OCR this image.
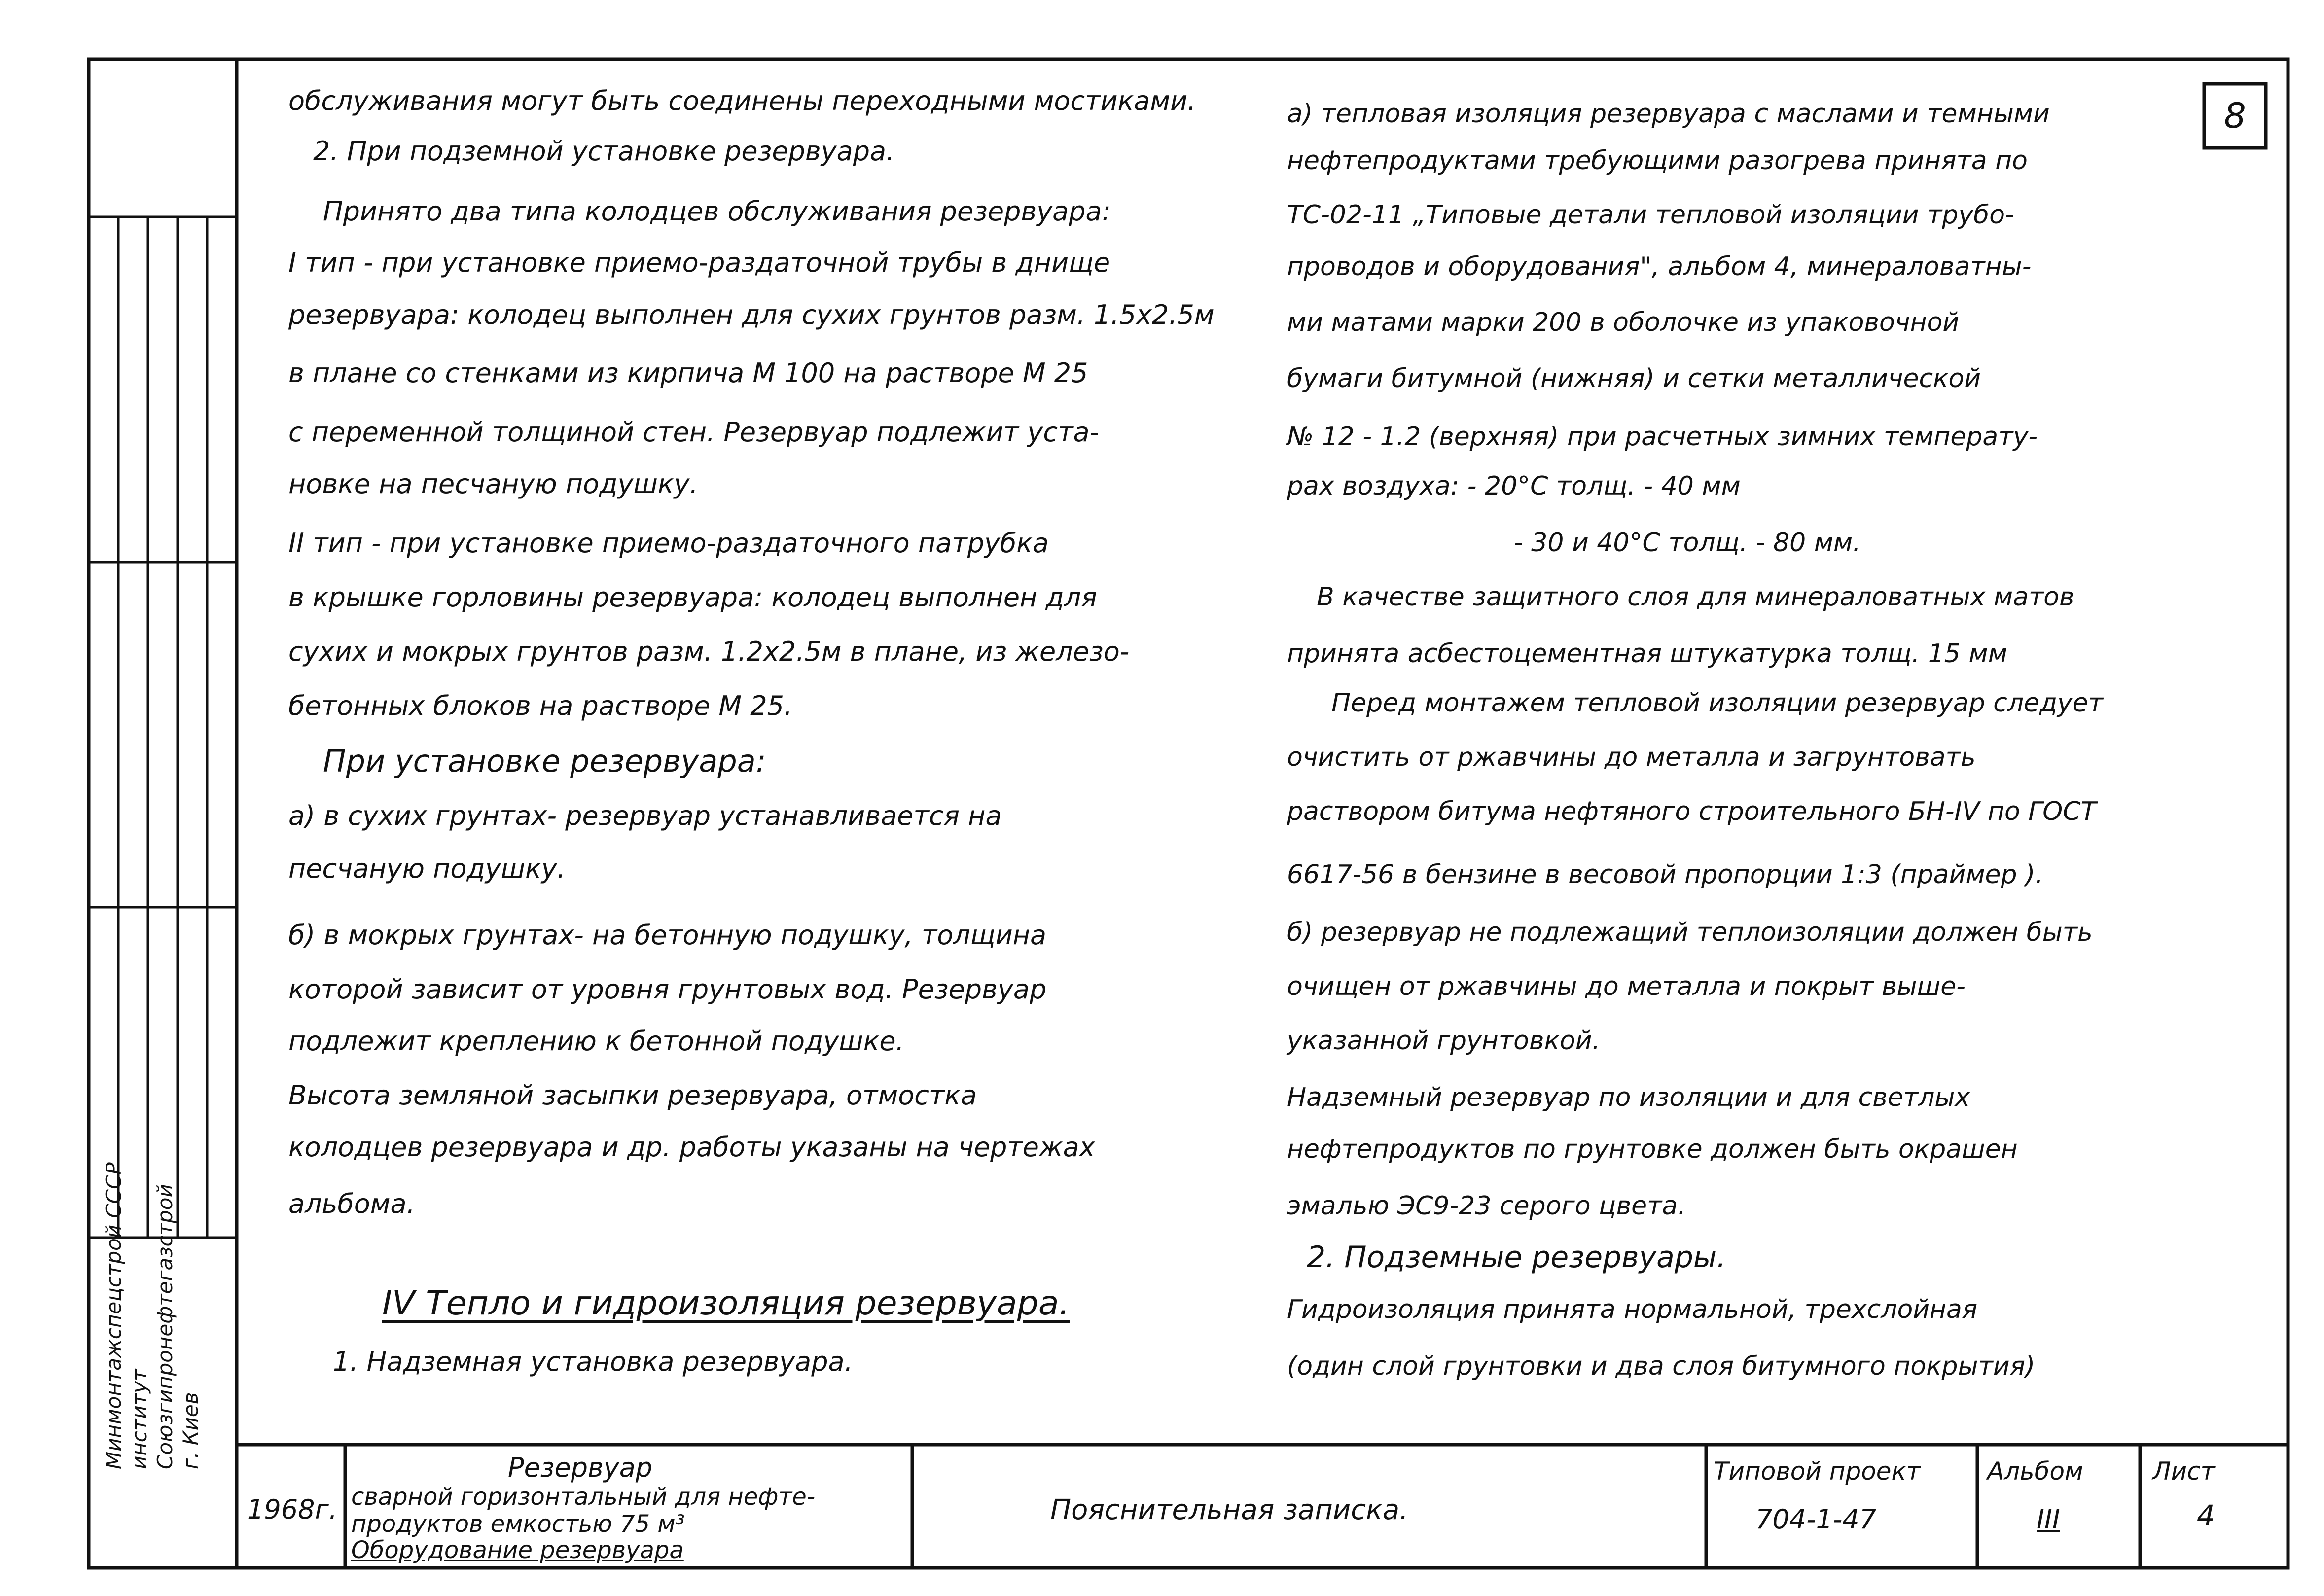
8
Минмонтажспецстрой СССР институт Союзгипронефтегазстрой г. Киев
обслуживания могут быть соединены переходными мостиками.
2. При подземной установке резервуара.
Принято два типа колодцев обслуживания резервуара:
I тип - при установке приемо-раздаточной трубы в днище
резервуара: колодец выполнен для сухих грунтов разм. 1.5х2.5м
в плане со стенками из кирпича М 100 на растворе М 25
с переменной толщиной стен. Резервуар подлежит уста-
новке на песчаную подушку.
II тип - при установке приемо-раздаточного патрубка
в крышке горловины резервуара: колодец выполнен для
сухих и мокрых грунтов разм. 1.2х2.5м в плане, из железо-
бетонных блоков на растворе М 25.
При установке резервуара:
а) в сухих грунтах- резервуар устанавливается на
песчаную подушку.
б) в мокрых грунтах- на бетонную подушку, толщина
которой зависит от уровня грунтовых вод. Резервуар
подлежит креплению к бетонной подушке.
Высота земляной засыпки резервуара, отмостка
колодцев резервуара и др. работы указаны на чертежах
альбома.
IV Тепло и гидроизоляция резервуара.
1. Надземная установка резервуара.
а) тепловая изоляция резервуара с маслами и темными
нефтепродуктами требующими разогрева принята по
ТС-02-11 „Типовые детали тепловой изоляции трубо-
проводов и оборудования", альбом 4, минераловатны-
ми матами марки 200 в оболочке из упаковочной
бумаги битумной (нижняя) и сетки металлической
№ 12 - 1.2 (верхняя) при расчетных зимних температу-
рах воздуха: - 20°С толщ. - 40 мм
- 30 и 40°С толщ. - 80 мм.
В качестве защитного слоя для минераловатных матов
принята асбестоцементная штукатурка толщ. 15 мм
Перед монтажем тепловой изоляции резервуар следует
очистить от ржавчины до металла и загрунтовать
раствором битума нефтяного строительного БН-IV по ГОСТ
6617-56 в бензине в весовой пропорции 1:3 (праймер ).
б) резервуар не подлежащий теплоизоляции должен быть
очищен от ржавчины до металла и покрыт выше-
указанной грунтовкой.
Надземный резервуар по изоляции и для светлых
нефтепродуктов по грунтовке должен быть окрашен
эмалью ЭС9-23 серого цвета.
2. Подземные резервуары.
Гидроизоляция принята нормальной, трехслойная
(один слой грунтовки и два слоя битумного покрытия)
1968г.
Резервуар
сварной горизонтальный для нефте-
продуктов емкостью 75 м³
Оборудование резервуара
Пояснительная записка.
Типовой проект
704-1-47
Альбом
III
Лист
4
